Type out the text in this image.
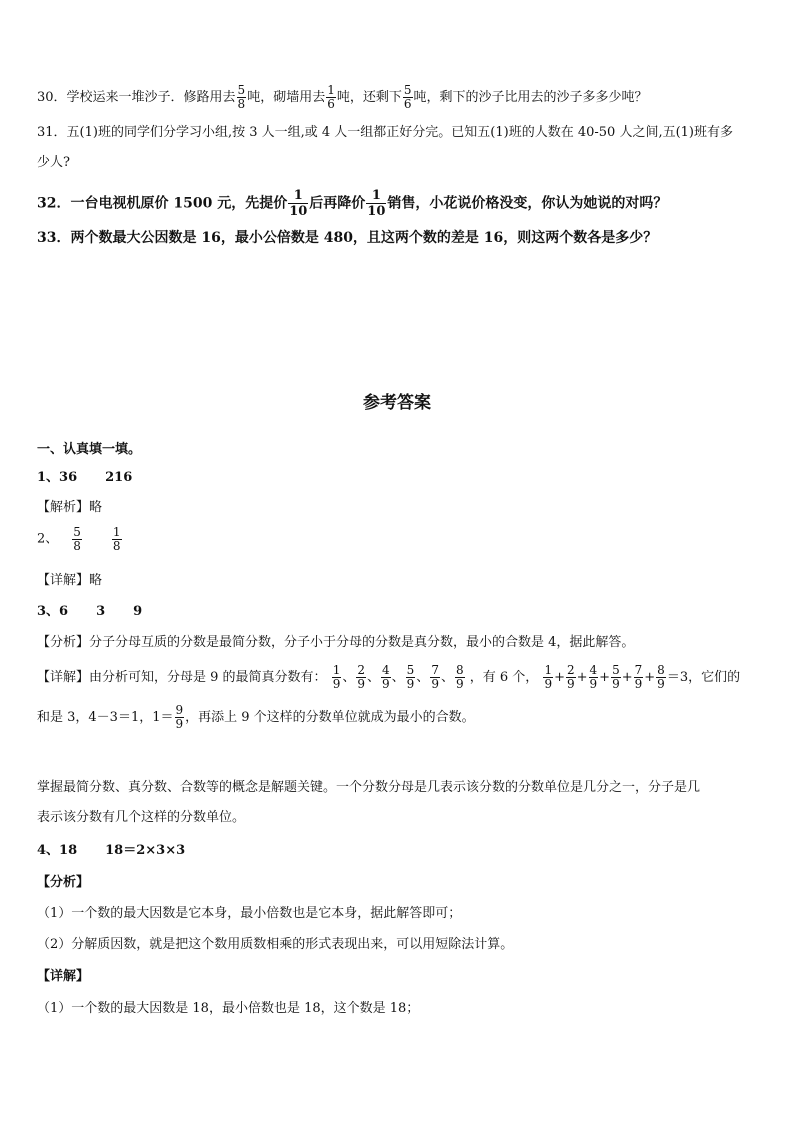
30．学校运来一堆沙子．修路用去 $\frac{5}{8}$ 吨，砌墙用去 $\frac{1}{6}$ 吨，还剩下 $\frac{5}{6}$ 吨，剩下的沙子比用去的沙子多多少吨？
31．五(1)班的同学们分学习小组,按 3 人一组,或 4 人一组都正好分完。已知五(1)班的人数在 40-50 人之间,五(1)班有多
少人?
32．一台电视机原价 1500 元，先提价 $\frac{1}{10}$ 后再降价 $\frac{1}{10}$ 销售，小花说价格没变，你认为她说的对吗？
33．两个数最大公因数是 16，最小公倍数是 480，且这两个数的差是 16，则这两个数各是多少？
参考答案
一、认真填一填。
1、36 216
【解析】略
2、 $\frac{5}{8}$	$\frac{1}{8}$
【详解】略
3、6 3 9
【分析】分子分母互质的分数是最简分数，分子小于分母的分数是真分数，最小的合数是 4，据此解答。
【详解】由分析可知，分母是 9 的最简真分数有： $\frac{1}{9}$ 、 $\frac{2}{9}$ 、 $\frac{4}{9}$ 、 $\frac{5}{9}$ 、 $\frac{7}{9}$ 、 $\frac{8}{9}$ ，有 6 个， $\frac{1}{9} + \frac{2}{9} + \frac{4}{9} + \frac{5}{9} + \frac{7}{9} + \frac{8}{9} =3$，它们的
和是 3，4－3＝1，$1= \frac{9}{9}$ ，再添上 9 个这样的分数单位就成为最小的合数。
掌握最简分数、真分数、合数等的概念是解题关键。一个分数分母是几表示该分数的分数单位是几分之一，分子是几
表示该分数有几个这样的分数单位。
4、18 18＝2×3×3
【分析】
（1）一个数的最大因数是它本身，最小倍数也是它本身，据此解答即可；
（2）分解质因数，就是把这个数用质数相乘的形式表现出来，可以用短除法计算。
【详解】
（1）一个数的最大因数是 18，最小倍数也是 18，这个数是 18；
